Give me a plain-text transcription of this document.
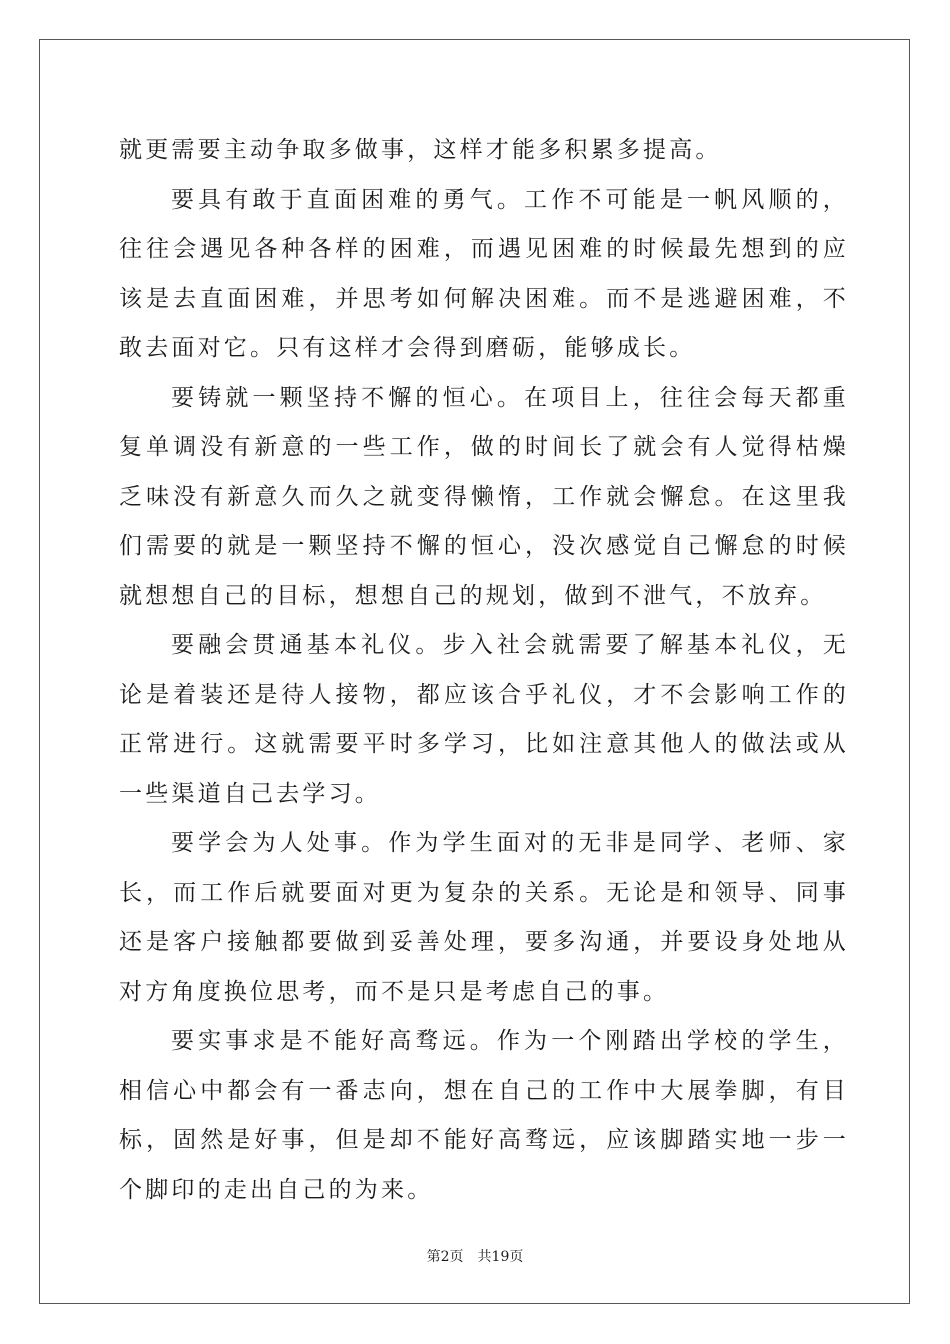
就更需要主动争取多做事，这样才能多积累多提高。

要具有敢于直面困难的勇气。工作不可能是一帆风顺的，往往会遇见各种各样的困难，而遇见困难的时候最先想到的应该是去直面困难，并思考如何解决困难。而不是逃避困难，不敢去面对它。只有这样才会得到磨砺，能够成长。

要铸就一颗坚持不懈的恒心。在项目上，往往会每天都重复单调没有新意的一些工作，做的时间长了就会有人觉得枯燥乏味没有新意久而久之就变得懒惰，工作就会懈怠。在这里我们需要的就是一颗坚持不懈的恒心，没次感觉自己懈怠的时候就想想自己的目标，想想自己的规划，做到不泄气，不放弃。

要融会贯通基本礼仪。步入社会就需要了解基本礼仪，无论是着装还是待人接物，都应该合乎礼仪，才不会影响工作的正常进行。这就需要平时多学习，比如注意其他人的做法或从一些渠道自己去学习。

要学会为人处事。作为学生面对的无非是同学、老师、家长，而工作后就要面对更为复杂的关系。无论是和领导、同事还是客户接触都要做到妥善处理，要多沟通，并要设身处地从对方角度换位思考，而不是只是考虑自己的事。

要实事求是不能好高骛远。作为一个刚踏出学校的学生，相信心中都会有一番志向，想在自己的工作中大展拳脚，有目标，固然是好事，但是却不能好高骛远，应该脚踏实地一步一个脚印的走出自己的为来。

第2页 共19页
